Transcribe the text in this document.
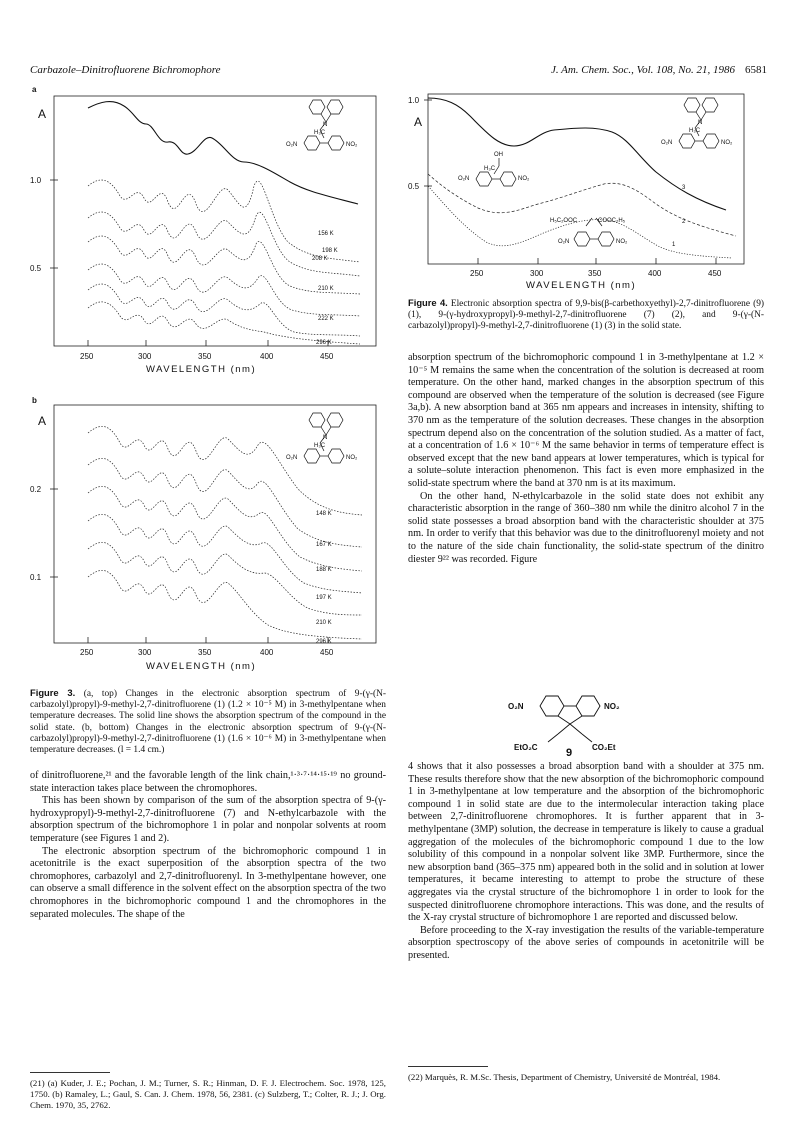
Carbazole–Dinitrofluorene Bichromophore	J. Am. Chem. Soc., Vol. 108, No. 21, 1986 6581
a
A
1.0
0.5
250	300	350	400	450
WAVELENGTH (nm)
208 K
156 K
198 K
210 K
222 K
296 K
N
O₂N
H₃C
NO₂
b
A
0.2
0.1
250	300	350	400	450
WAVELENGTH (nm)
148 K
167 K
188 K
197 K
210 K
296 K
N
O₂N
H₃C
NO₂
Figure 3. (a, top) Changes in the electronic absorption spectrum of 9-(γ-(N-carbazolyl)propyl)-9-methyl-2,7-dinitrofluorene (1) (1.2 × 10⁻⁵ M) in 3-methylpentane when temperature decreases. The solid line shows the absorption spectrum of the compound in the solid state. (b, bottom) Changes in the electronic absorption spectrum of 9-(γ-(N-carbazolyl)propyl)-9-methyl-2,7-dinitrofluorene (1) (1.6 × 10⁻⁶ M) in 3-methylpentane when temperature decreases. (l = 1.4 cm.)

of dinitrofluorene,²¹ and the favorable length of the link chain,¹·³·⁷·¹⁴·¹⁵·¹⁹ no ground-state interaction takes place between the chromophores.

This has been shown by comparison of the sum of the absorption spectra of 9-(γ-hydroxypropyl)-9-methyl-2,7-dinitrofluorene (7) and N-ethylcarbazole with the absorption spectrum of the bichromophore 1 in polar and nonpolar solvents at room temperature (see Figures 1 and 2).

The electronic absorption spectrum of the bichromophoric compound 1 in acetonitrile is the exact superposition of the absorption spectra of the two chromophores, carbazolyl and 2,7-dinitrofluorenyl. In 3-methylpentane however, one can observe a small difference in the solvent effect on the absorption spectra of the two chromophores in the bichromophoric compound 1 and the chromophores in the separated molecules. The shape of the

(21) (a) Kuder, J. E.; Pochan, J. M.; Turner, S. R.; Hinman, D. F. J. Electrochem. Soc. 1978, 125, 1750. (b) Ramaley, L.; Gaul, S. Can. J. Chem. 1978, 56, 2381. (c) Sulzberg, T.; Colter, R. J.; J. Org. Chem. 1970, 35, 2762.
A
1.0
0.5
250	300	350	400	450
WAVELENGTH (nm)
3
2
1
N
O₂N
H₃C
NO₂
OH
O₂N
H₃C
NO₂
H₅C₂OOC	COOC₂H₅
O₂N	NO₂
Figure 4. Electronic absorption spectra of 9,9-bis(β-carbethoxyethyl)-2,7-dinitrofluorene (9) (1), 9-(γ-hydroxypropyl)-9-methyl-2,7-dinitrofluorene (7) (2), and 9-(γ-(N-carbazolyl)propyl)-9-methyl-2,7-dinitrofluorene (1) (3) in the solid state.

absorption spectrum of the bichromophoric compound 1 in 3-methylpentane at 1.2 × 10⁻⁵ M remains the same when the concentration of the solution is decreased at room temperature. On the other hand, marked changes in the absorption spectrum of this compound are observed when the temperature of the solution is decreased (see Figure 3a,b). A new absorption band at 365 nm appears and increases in intensity, shifting to 370 nm as the temperature of the solution decreases. These changes in the absorption spectrum depend also on the concentration of the solution studied. As a matter of fact, at a concentration of 1.6 × 10⁻⁶ M the same behavior in terms of temperature effect is observed except that the new band appears at lower temperatures, which is typical for a solute–solute interaction phenomenon. This fact is even more emphasized in the solid-state spectrum where the band at 370 nm is at its maximum.

On the other hand, N-ethylcarbazole in the solid state does not exhibit any characteristic absorption in the range of 360–380 nm while the dinitro alcohol 7 in the solid state possesses a broad absorption band with the characteristic shoulder at 375 nm. In order to verify that this behavior was due to the dinitrofluorenyl moiety and not to the nature of the side chain functionality, the solid-state spectrum of the dinitro diester 9²² was recorded. Figure

O₂N	NO₂
EtO₂C	CO₂Et
9

4 shows that it also possesses a broad absorption band with a shoulder at 375 nm. These results therefore show that the new absorption of the bichromophoric compound 1 in 3-methylpentane at low temperature and the absorption of the bichromophoric compound 1 in solid state are due to the intermolecular interaction taking place between 2,7-dinitrofluorene chromophores. It is further apparent that in 3-methylpentane (3MP) solution, the decrease in temperature is likely to cause a gradual aggregation of the molecules of the bichromophoric compound 1 due to the low solubility of this compound in a nonpolar solvent like 3MP. Furthermore, since the new absorption band (365–375 nm) appeared both in the solid and in solution at lower temperatures, it became interesting to attempt to probe the structure of these aggregates via the crystal structure of the bichromophore 1 in order to look for the suspected dinitrofluorene chromophore interactions. This was done, and the results of the X-ray crystal structure of bichromophore 1 are reported and discussed below.

Before proceeding to the X-ray investigation the results of the variable-temperature absorption spectroscopy of the above series of compounds in acetonitrile will be presented.

(22) Marquès, R. M.Sc. Thesis, Department of Chemistry, Université de Montréal, 1984.
